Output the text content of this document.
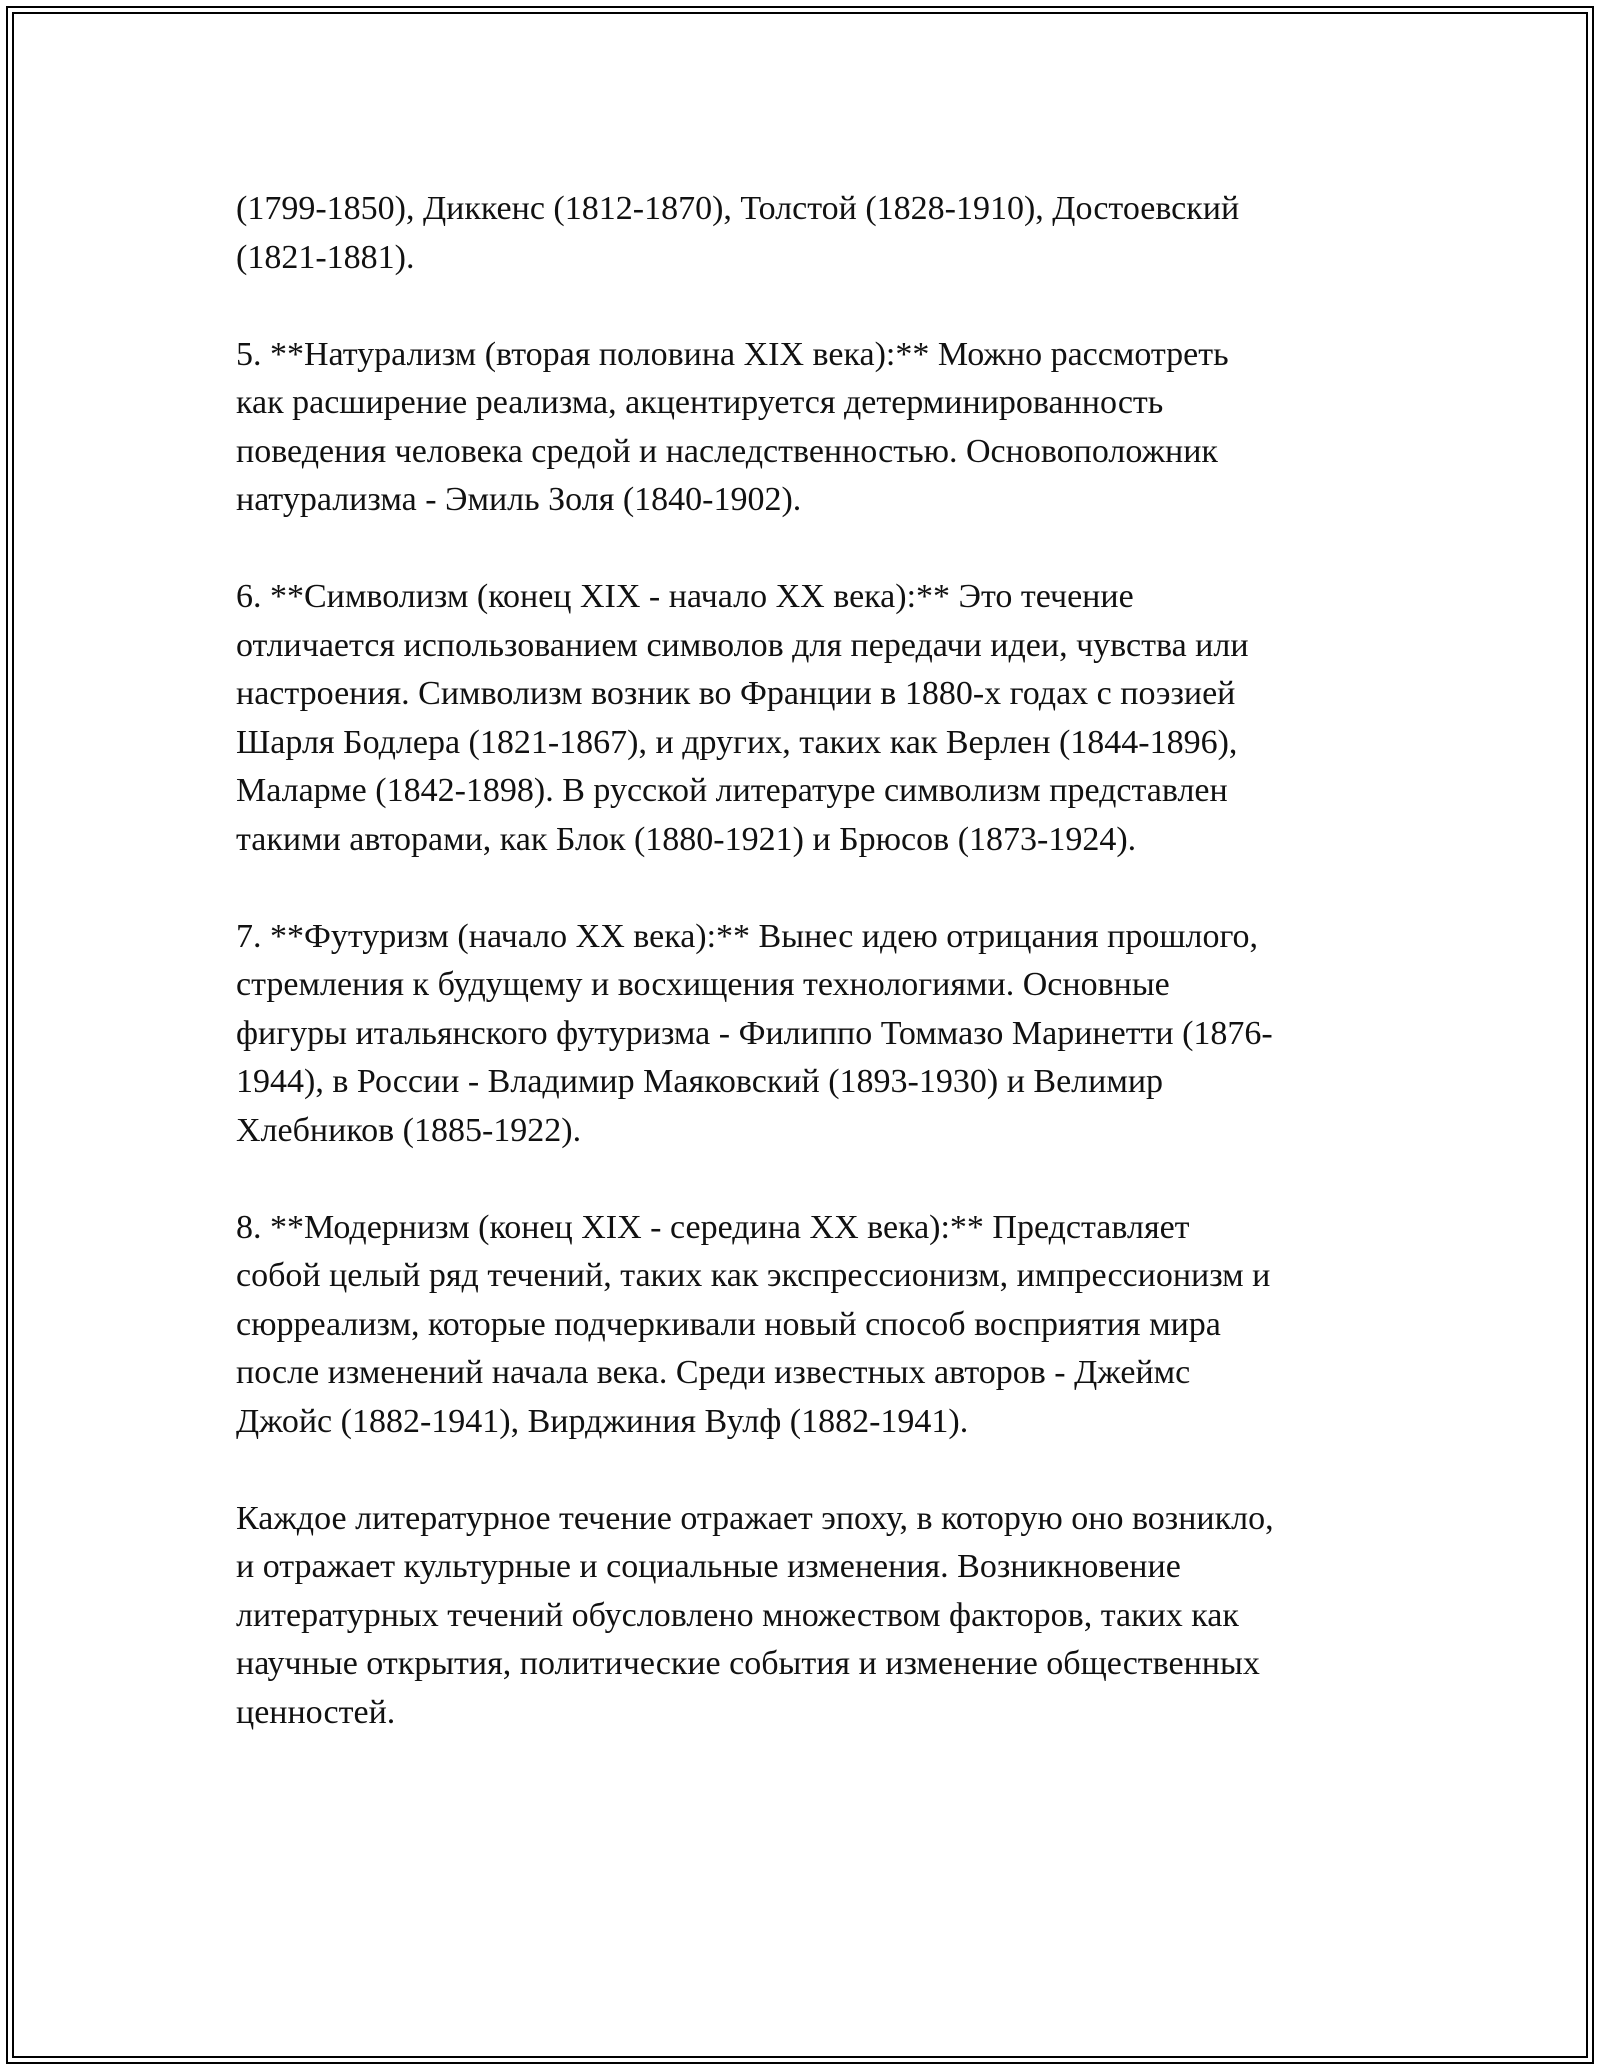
(1799-1850), Диккенс (1812-1870), Толстой (1828-1910), Достоевский
(1821-1881).

5. **Натурализм (вторая половина XIX века):** Можно рассмотреть
как расширение реализма, акцентируется детерминированность
поведения человека средой и наследственностью. Основоположник
натурализма - Эмиль Золя (1840-1902).

6. **Символизм (конец XIX - начало XX века):** Это течение
отличается использованием символов для передачи идеи, чувства или
настроения. Символизм возник во Франции в 1880-х годах с поэзией
Шарля Бодлера (1821-1867), и других, таких как Верлен (1844-1896),
Маларме (1842-1898). В русской литературе символизм представлен
такими авторами, как Блок (1880-1921) и Брюсов (1873-1924).

7. **Футуризм (начало XX века):** Вынес идею отрицания прошлого,
стремления к будущему и восхищения технологиями. Основные
фигуры итальянского футуризма - Филиппо Томмазо Маринетти (1876-
1944), в России - Владимир Маяковский (1893-1930) и Велимир
Хлебников (1885-1922).

8. **Модернизм (конец XIX - середина XX века):** Представляет
собой целый ряд течений, таких как экспрессионизм, импрессионизм и
сюрреализм, которые подчеркивали новый способ восприятия мира
после изменений начала века. Среди известных авторов - Джеймс
Джойс (1882-1941), Вирджиния Вулф (1882-1941).

Каждое литературное течение отражает эпоху, в которую оно возникло,
и отражает культурные и социальные изменения. Возникновение
литературных течений обусловлено множеством факторов, таких как
научные открытия, политические события и изменение общественных
ценностей.
